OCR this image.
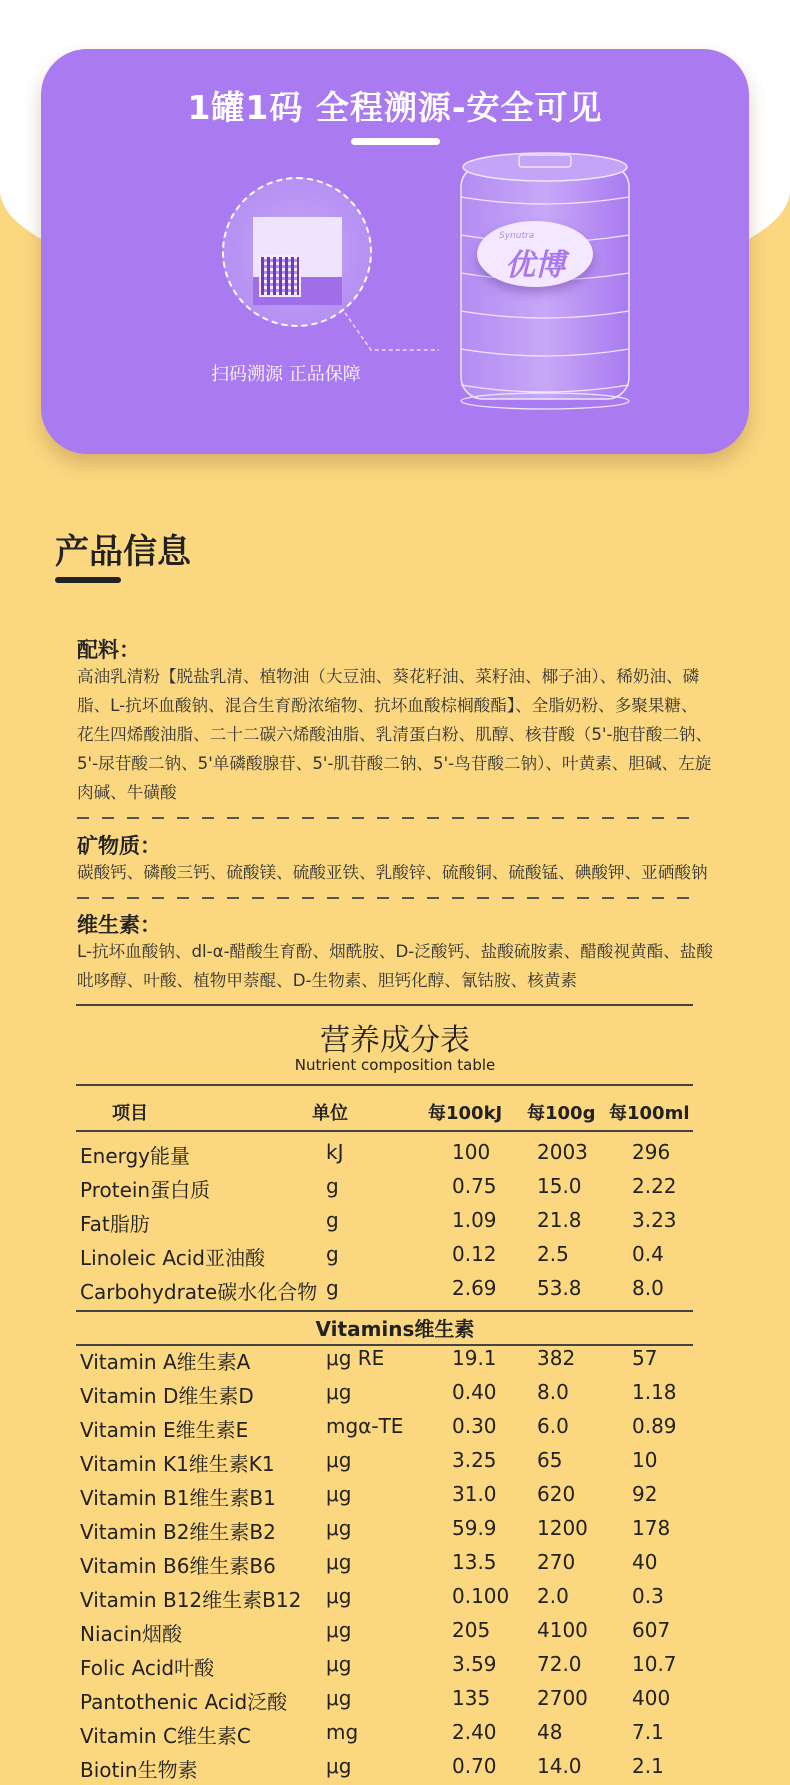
1罐1码 全程溯源-安全可见
扫码溯源 正品保障
Synutra
优博
产品信息
配料：
高油乳清粉【脱盐乳清、植物油（大豆油、葵花籽油、菜籽油、椰子油）、稀奶油、磷脂、L-抗坏血酸钠、混合生育酚浓缩物、抗坏血酸棕榈酸酯】、全脂奶粉、多聚果糖、花生四烯酸油脂、二十二碳六烯酸油脂、乳清蛋白粉、肌醇、核苷酸（5'-胞苷酸二钠、5'-尿苷酸二钠、5'单磷酸腺苷、5'-肌苷酸二钠、5'-鸟苷酸二钠）、叶黄素、胆碱、左旋肉碱、牛磺酸
矿物质：
碳酸钙、磷酸三钙、硫酸镁、硫酸亚铁、乳酸锌、硫酸铜、硫酸锰、碘酸钾、亚硒酸钠
维生素：
L-抗坏血酸钠、dl-α-醋酸生育酚、烟酰胺、D-泛酸钙、盐酸硫胺素、醋酸视黄酯、盐酸吡哆醇、叶酸、植物甲萘醌、D-生物素、胆钙化醇、氰钴胺、核黄素
营养成分表
Nutrient composition table
项目	单位	每100kJ 每100g 每100ml
Energy能量	kJ	100 2003 296
Protein蛋白质	g	0.75 15.0	2.22
Fat脂肪	g	1.09 21.8	3.23
Linoleic Acid亚油酸	g	0.12 2.5	0.4
Carbohydrate碳水化合物 g	2.69 53.8	8.0
Vitamins维生素
Vitamin A维生素A	μg RE	19.1 382	57
Vitamin D维生素D	μg	0.40 8.0	1.18
Vitamin E维生素E	mgα-TE 0.30 6.0	0.89
Vitamin K1维生素K1	μg	3.25 65	10
Vitamin B1维生素B1	μg	31.0 620	92
Vitamin B2维生素B2	μg	59.9 1200 178
Vitamin B6维生素B6	μg	13.5 270	40
Vitamin B12维生素B12 μg	0.100 2.0	0.3
Niacin烟酸	μg	205 4100 607
Folic Acid叶酸	μg	3.59 72.0	10.7
Pantothenic Acid泛酸 μg	135 2700 400
Vitamin C维生素C	mg	2.40 48	7.1
Biotin生物素	μg	0.70 14.0	2.1
